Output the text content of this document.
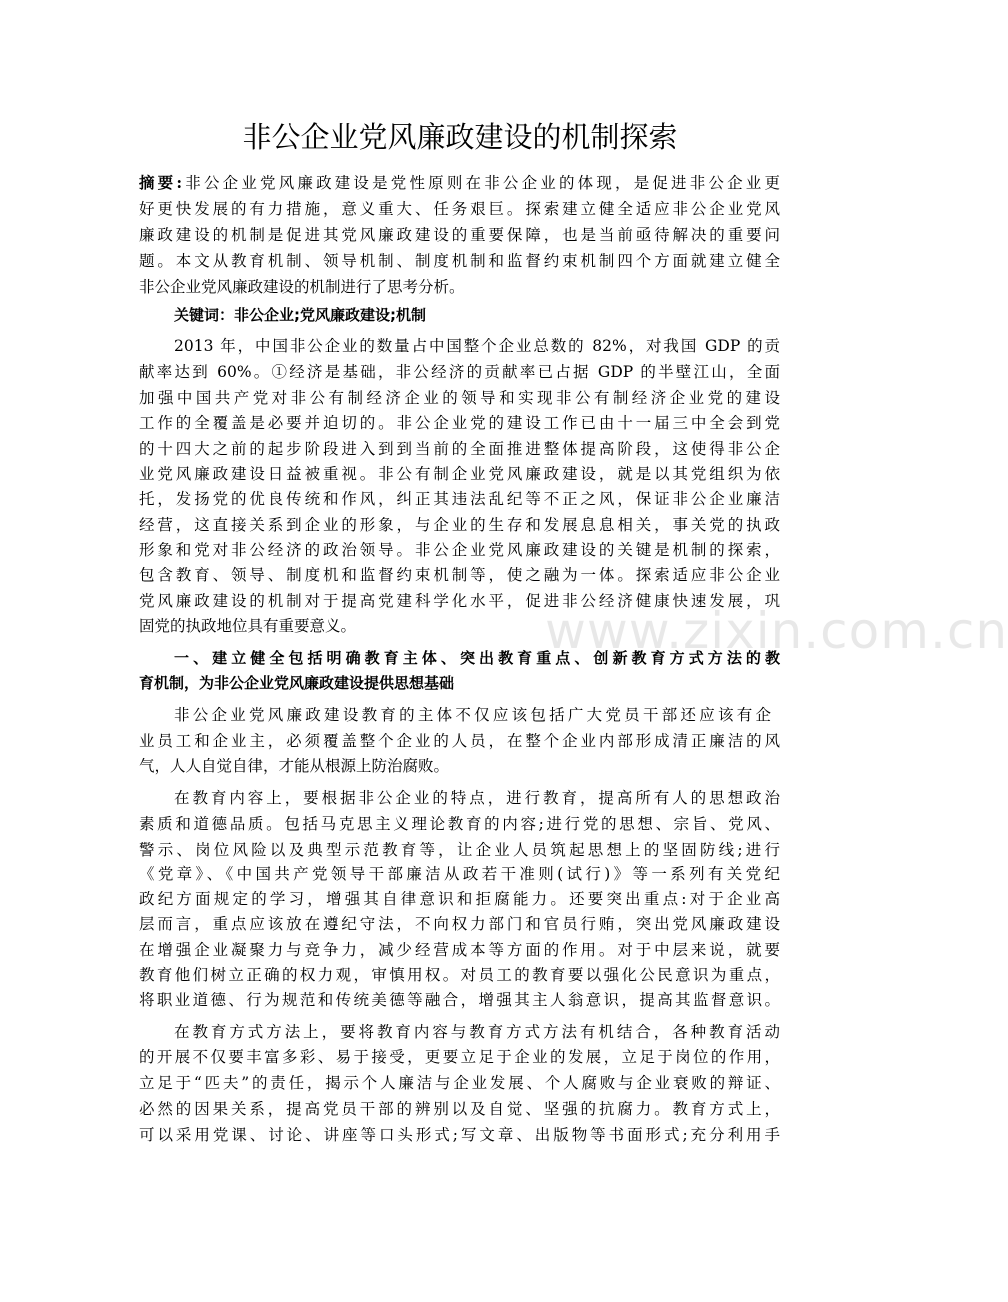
非公企业党风廉政建设的机制探索
摘要:非公企业党风廉政建设是党性原则在非公企业的体现，是促进非公企业更
好更快发展的有力措施，意义重大、任务艰巨。探索建立健全适应非公企业党风
廉政建设的机制是促进其党风廉政建设的重要保障，也是当前亟待解决的重要问
题。本文从教育机制、领导机制、制度机制和监督约束机制四个方面就建立健全
非公企业党风廉政建设的机制进行了思考分析。
关键词：非公企业;党风廉政建设;机制
2013 年，中国非公企业的数量占中国整个企业总数的 82%，对我国 GDP 的贡
献率达到 60%。①经济是基础，非公经济的贡献率已占据 GDP 的半壁江山，全面
加强中国共产党对非公有制经济企业的领导和实现非公有制经济企业党的建设
工作的全覆盖是必要并迫切的。非公企业党的建设工作已由十一届三中全会到党
的十四大之前的起步阶段进入到到当前的全面推进整体提高阶段，这使得非公企
业党风廉政建设日益被重视。非公有制企业党风廉政建设，就是以其党组织为依
托，发扬党的优良传统和作风，纠正其违法乱纪等不正之风，保证非公企业廉洁
经营，这直接关系到企业的形象，与企业的生存和发展息息相关，事关党的执政
形象和党对非公经济的政治领导。非公企业党风廉政建设的关键是机制的探索，
包含教育、领导、制度机和监督约束机制等，使之融为一体。探索适应非公企业
党风廉政建设的机制对于提高党建科学化水平，促进非公经济健康快速发展，巩
固党的执政地位具有重要意义。
一、建立健全包括明确教育主体、突出教育重点、创新教育方式方法的教
育机制，为非公企业党风廉政建设提供思想基础
非公企业党风廉政建设教育的主体不仅应该包括广大党员干部还应该有企
业员工和企业主，必须覆盖整个企业的人员，在整个企业内部形成清正廉洁的风
气，人人自觉自律，才能从根源上防治腐败。
在教育内容上，要根据非公企业的特点，进行教育，提高所有人的思想政治
素质和道德品质。包括马克思主义理论教育的内容;进行党的思想、宗旨、党风、
警示、岗位风险以及典型示范教育等，让企业人员筑起思想上的坚固防线;进行
《党章》、《中国共产党领导干部廉洁从政若干准则(试行)》等一系列有关党纪
政纪方面规定的学习，增强其自律意识和拒腐能力。还要突出重点:对于企业高
层而言，重点应该放在遵纪守法，不向权力部门和官员行贿，突出党风廉政建设
在增强企业凝聚力与竞争力，减少经营成本等方面的作用。对于中层来说，就要
教育他们树立正确的权力观，审慎用权。对员工的教育要以强化公民意识为重点，
将职业道德、行为规范和传统美德等融合，增强其主人翁意识，提高其监督意识。
在教育方式方法上，要将教育内容与教育方式方法有机结合，各种教育活动
的开展不仅要丰富多彩、易于接受，更要立足于企业的发展，立足于岗位的作用，
立足于“匹夫”的责任，揭示个人廉洁与企业发展、个人腐败与企业衰败的辩证、
必然的因果关系，提高党员干部的辨别以及自觉、坚强的抗腐力。教育方式上，
可以采用党课、讨论、讲座等口头形式;写文章、出版物等书面形式;充分利用手
www.zixin.com.cn
